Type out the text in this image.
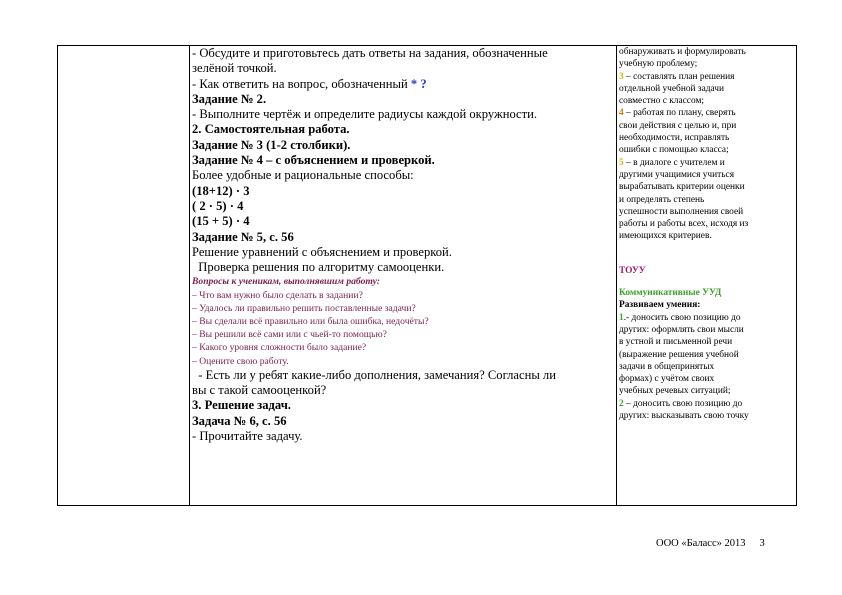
- Обсудите и приготовьтесь дать ответы на задания, обозначенные
зелёной точкой.
- Как ответить на вопрос, обозначенный * ?
Задание № 2.
- Выполните чертёж и определите радиусы каждой окружности.
2. Самостоятельная работа.
Задание № 3 (1-2 столбики).
Задание № 4 – с объяснением и проверкой.
Более удобные и рациональные способы:
(18+12) · 3
( 2 · 5) · 4
(15 + 5) · 4
Задание № 5, с. 56
Решение уравнений с объяснением и проверкой.
Проверка решения по алгоритму самооценки.
Вопросы к ученикам, выполнявшим работу:
– Что вам нужно было сделать в задании?
– Удалось ли правильно решить поставленные задачи?
– Вы сделали всё правильно или была ошибка, недочёты?
– Вы решили всё сами или с чьей-то помощью?
– Какого уровня сложности было задание?
– Оцените свою работу.
- Есть ли у ребят какие-либо дополнения, замечания? Согласны ли
вы с такой самооценкой?
3. Решение задач.
Задача № 6, с. 56
- Прочитайте задачу.
обнаруживать и формулировать
учебную проблему;
3 – составлять план решения
отдельной учебной задачи
совместно с классом;
4 – работая по плану, сверять
свои действия с целью и, при
необходимости, исправлять
ошибки с помощью класса;
5 – в диалоге с учителем и
другими учащимися учиться
вырабатывать критерии оценки
и определять степень
успешности выполнения своей
работы и работы всех, исходя из
имеющихся критериев.
ТОУУ
Коммуникативные УУД
Развиваем умения:
1.- доносить свою позицию до
других: оформлять свои мысли
в устной и письменной речи
(выражение решения учебной
задачи в общепринятых
формах) с учётом своих
учебных речевых ситуаций;
2 – доносить свою позицию до
других: высказывать свою точку
ООО «Баласс» 2013 3
